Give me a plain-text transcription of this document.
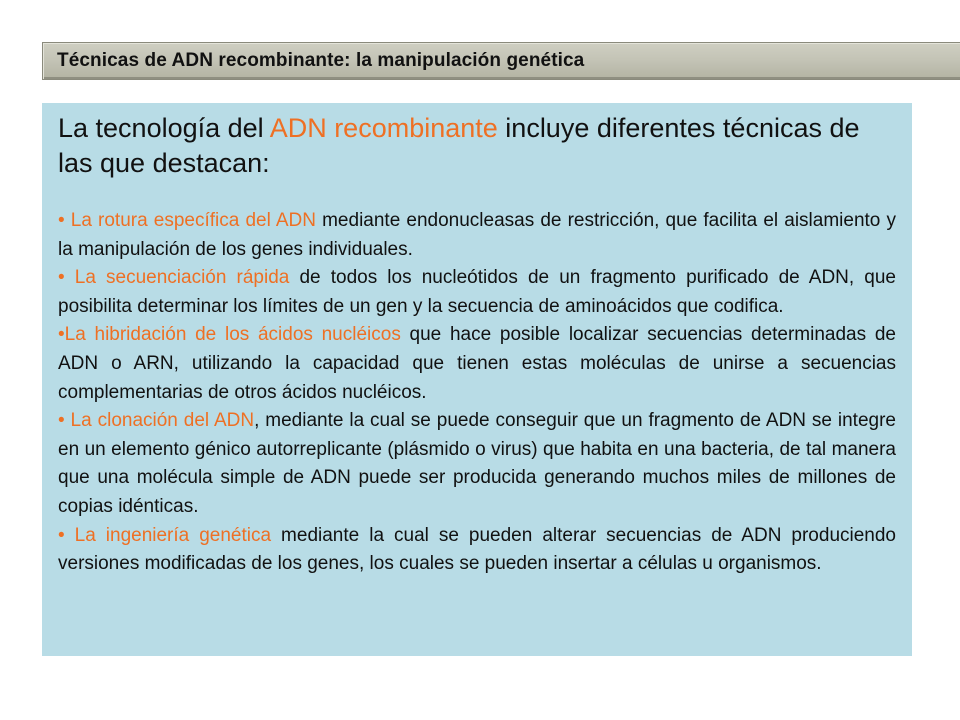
Técnicas de ADN recombinante: la manipulación genética

La tecnología del ADN recombinante incluye diferentes técnicas de las que destacan:

• La rotura específica del ADN mediante endonucleasas de restricción, que facilita el aislamiento y la manipulación de los genes individuales.
• La secuenciación rápida de todos los nucleótidos de un fragmento purificado de ADN, que posibilita determinar los límites de un gen y la secuencia de aminoácidos que codifica.
•La hibridación de los ácidos nucléicos que hace posible localizar secuencias determinadas de ADN o ARN, utilizando la capacidad que tienen estas moléculas de unirse a secuencias complementarias de otros ácidos nucléicos.
• La clonación del ADN, mediante la cual se puede conseguir que un fragmento de ADN se integre en un elemento génico autorreplicante (plásmido o virus) que habita en una bacteria, de tal manera que una molécula simple de ADN puede ser producida generando muchos miles de millones de copias idénticas.
• La ingeniería genética mediante la cual se pueden alterar secuencias de ADN produciendo versiones modificadas de los genes, los cuales se pueden insertar a células u organismos.
